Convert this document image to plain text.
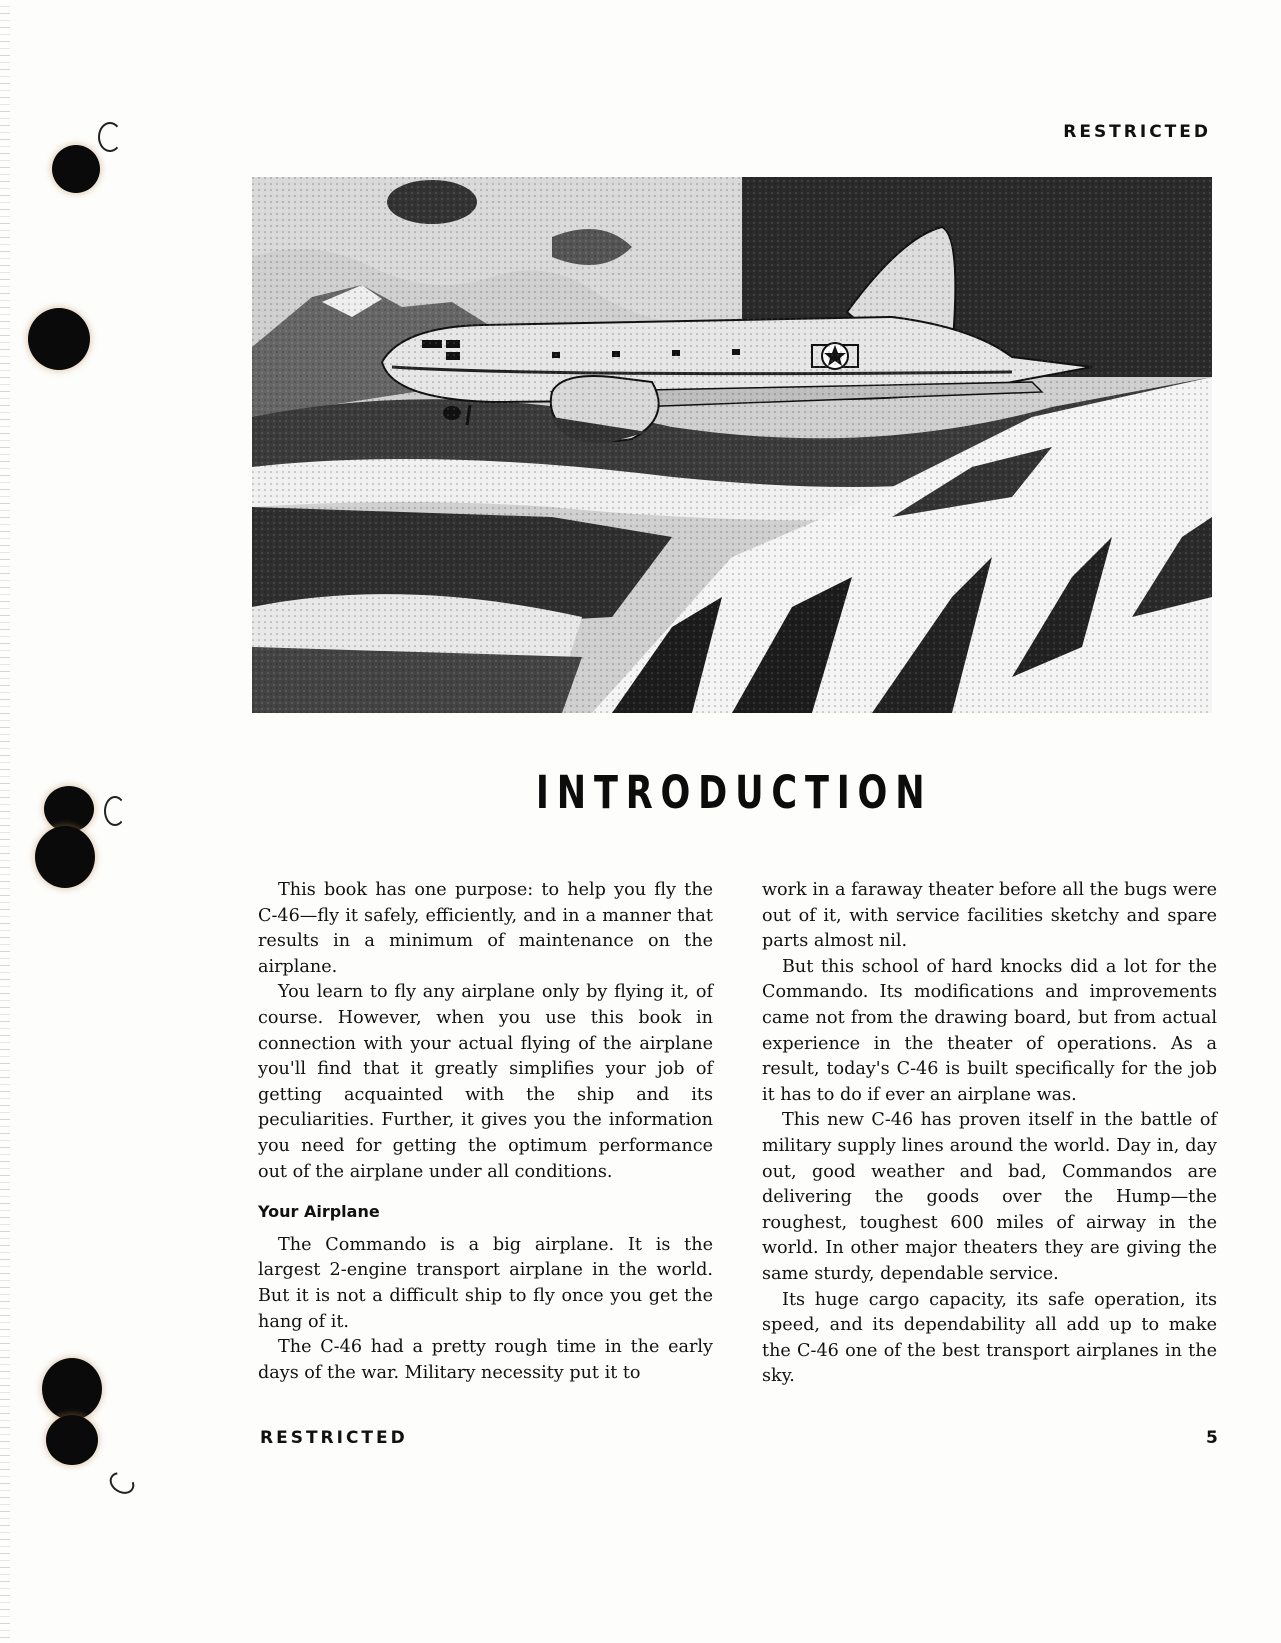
RESTRICTED
INTRODUCTION

This book has one purpose: to help you fly the C-46—fly it safely, efficiently, and in a manner that results in a minimum of maintenance on the airplane.

You learn to fly any airplane only by flying it, of course. However, when you use this book in connection with your actual flying of the airplane you'll find that it greatly simplifies your job of getting acquainted with the ship and its peculiarities. Further, it gives you the information you need for getting the optimum performance out of the airplane under all conditions.

Your Airplane

The Commando is a big airplane. It is the largest 2-engine transport airplane in the world. But it is not a difficult ship to fly once you get the hang of it.

The C-46 had a pretty rough time in the early days of the war. Military necessity put it to

work in a faraway theater before all the bugs were out of it, with service facilities sketchy and spare parts almost nil.

But this school of hard knocks did a lot for the Commando. Its modifications and improvements came not from the drawing board, but from actual experience in the theater of operations. As a result, today's C-46 is built specifically for the job it has to do if ever an airplane was.

This new C-46 has proven itself in the battle of military supply lines around the world. Day in, day out, good weather and bad, Commandos are delivering the goods over the Hump—the roughest, toughest 600 miles of airway in the world. In other major theaters they are giving the same sturdy, dependable service.

Its huge cargo capacity, its safe operation, its speed, and its dependability all add up to make the C-46 one of the best transport airplanes in the sky.

RESTRICTED	5
